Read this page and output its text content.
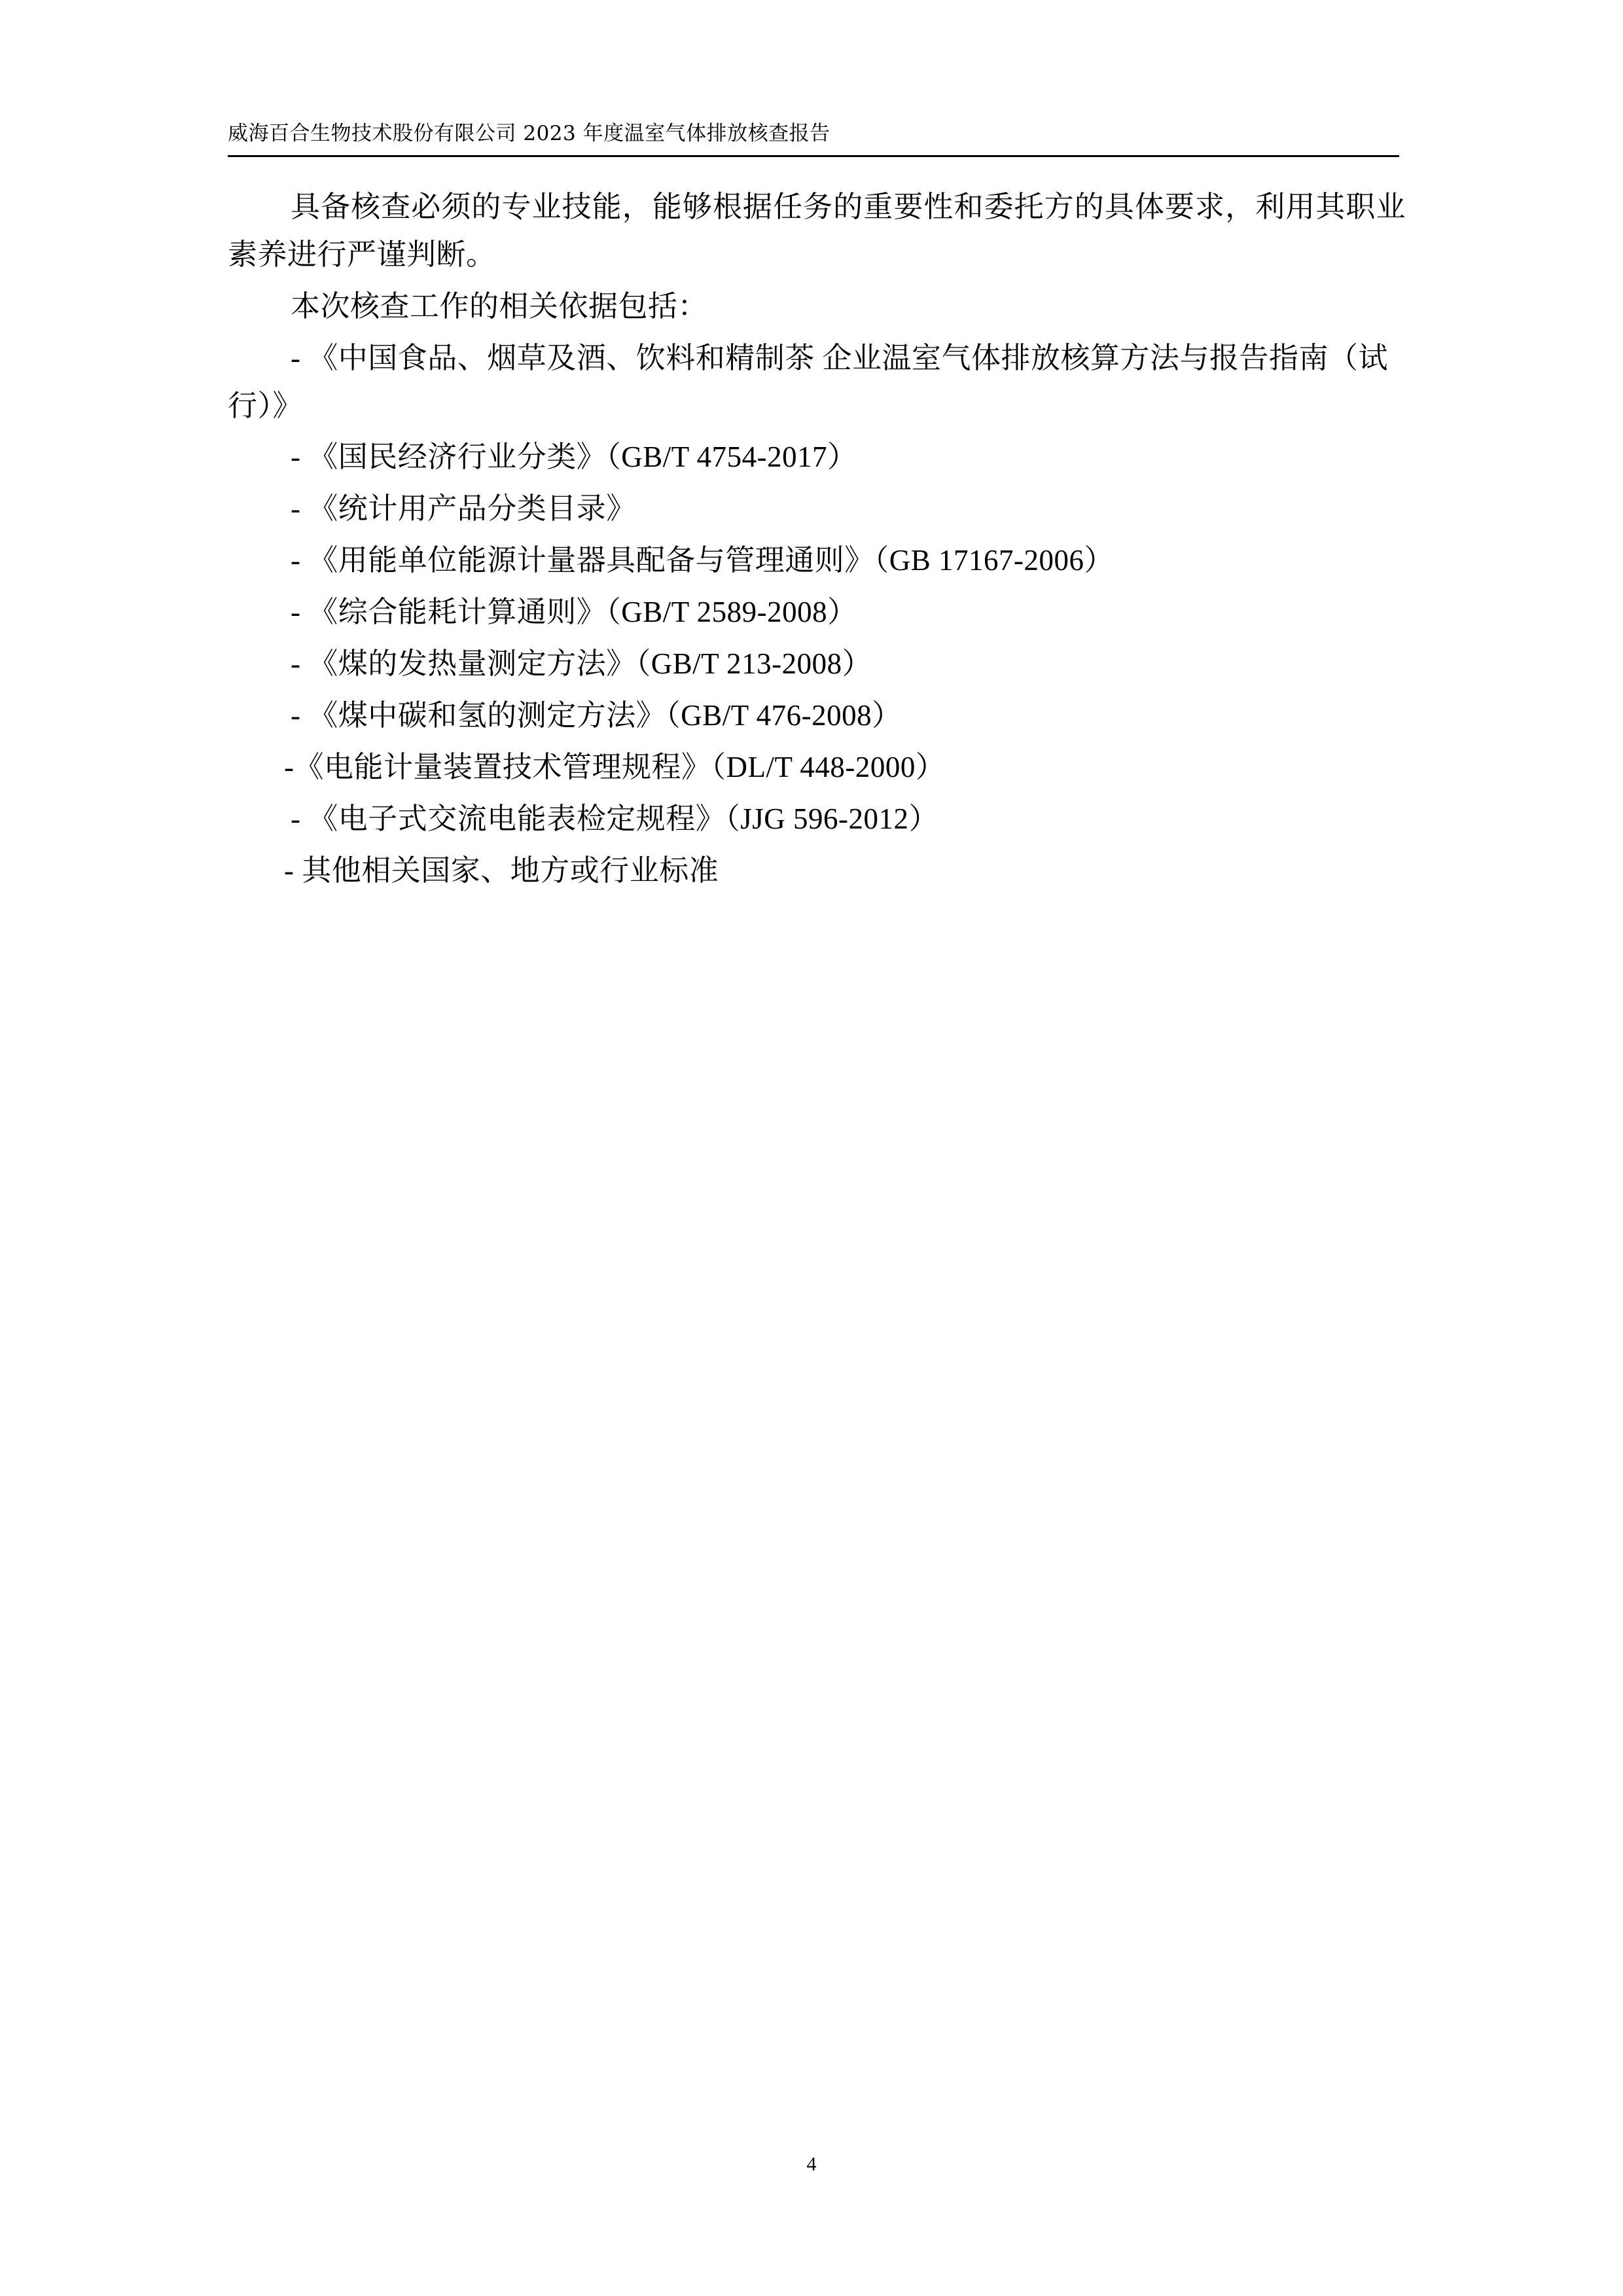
威海百合生物技术股份有限公司 2023 年度温室气体排放核查报告

具备核查必须的专业技能，能够根据任务的重要性和委托方的具体要求，利用其职业素养进行严谨判断。

本次核查工作的相关依据包括：

- 《中国食品、烟草及酒、饮料和精制茶 企业温室气体排放核算方法与报告指南（试行）》

- 《国民经济行业分类》（GB/T 4754-2017）

- 《统计用产品分类目录》

- 《用能单位能源计量器具配备与管理通则》（GB 17167-2006）

- 《综合能耗计算通则》（GB/T 2589-2008）

- 《煤的发热量测定方法》（GB/T 213-2008）

- 《煤中碳和氢的测定方法》（GB/T 476-2008）

-《电能计量装置技术管理规程》（DL/T 448-2000）

- 《电子式交流电能表检定规程》（JJG 596-2012）

- 其他相关国家、地方或行业标准

4
